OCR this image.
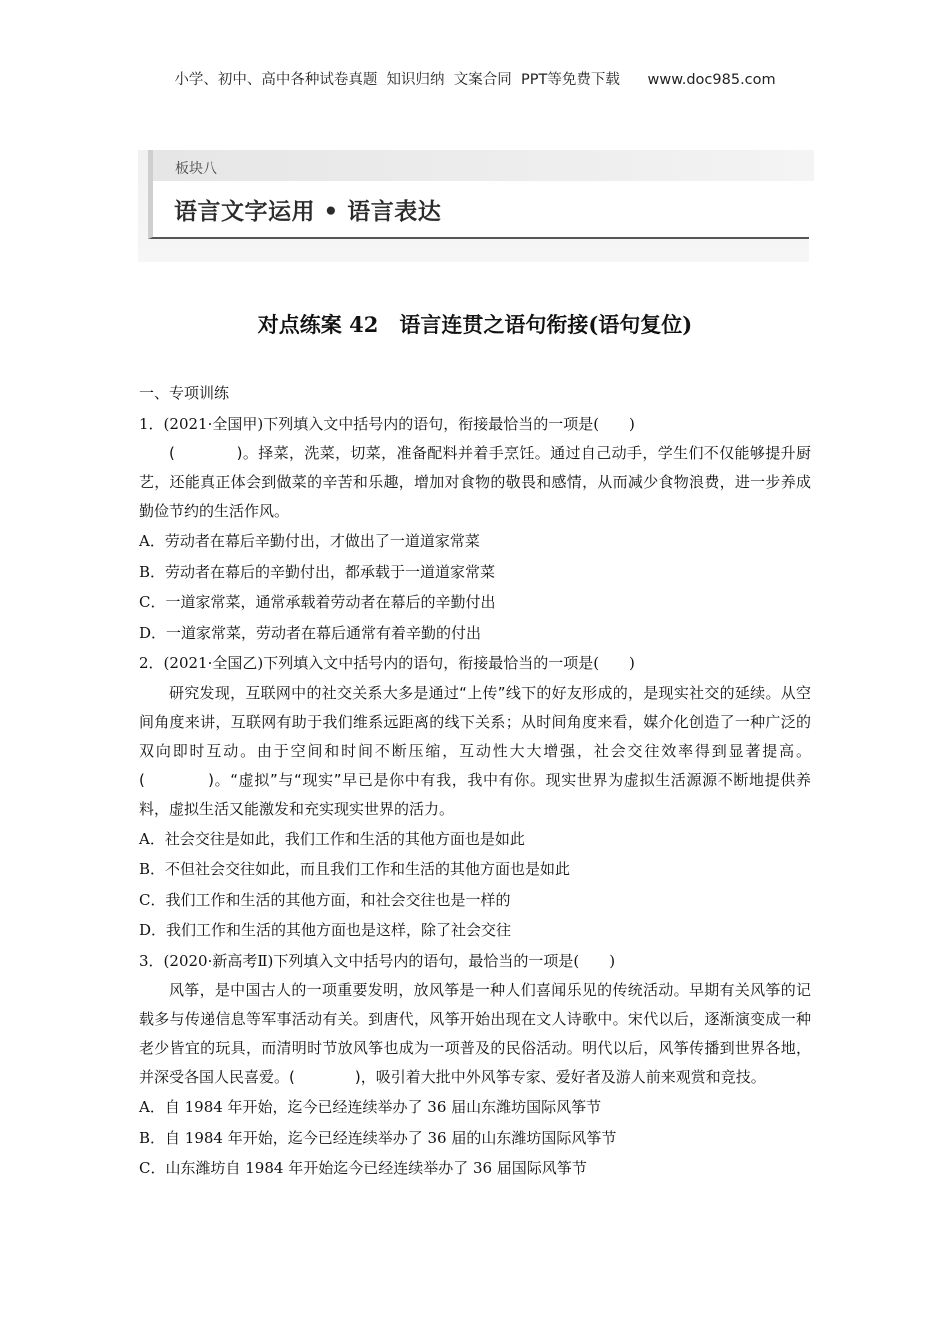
小学、初中、高中各种试卷真题  知识归纳  文案合同  PPT等免费下载      www.doc985.com
板块八
语言文字运用 • 语言表达
对点练案 42　语言连贯之语句衔接(语句复位)
一、专项训练
1．(2021·全国甲)下列填入文中括号内的语句，衔接最恰当的一项是(　　)

(　　　　)。择菜，洗菜，切菜，准备配料并着手烹饪。通过自己动手，学生们不仅能够提升厨艺，还能真正体会到做菜的辛苦和乐趣，增加对食物的敬畏和感情，从而减少食物浪费，进一步养成勤俭节约的生活作风。

A．劳动者在幕后辛勤付出，才做出了一道道家常菜
B．劳动者在幕后的辛勤付出，都承载于一道道家常菜
C．一道家常菜，通常承载着劳动者在幕后的辛勤付出
D．一道家常菜，劳动者在幕后通常有着辛勤的付出
2．(2021·全国乙)下列填入文中括号内的语句，衔接最恰当的一项是(　　)

研究发现，互联网中的社交关系大多是通过“上传”线下的好友形成的，是现实社交的延续。从空间角度来讲，互联网有助于我们维系远距离的线下关系；从时间角度来看，媒介化创造了一种广泛的双向即时互动。由于空间和时间不断压缩，互动性大大增强，社会交往效率得到显著提高。(　　　　)。“虚拟”与“现实”早已是你中有我，我中有你。现实世界为虚拟生活源源不断地提供养料，虚拟生活又能激发和充实现实世界的活力。

A．社会交往是如此，我们工作和生活的其他方面也是如此
B．不但社会交往如此，而且我们工作和生活的其他方面也是如此
C．我们工作和生活的其他方面，和社会交往也是一样的
D．我们工作和生活的其他方面也是这样，除了社会交往
3．(2020·新高考Ⅱ)下列填入文中括号内的语句，最恰当的一项是(　　)

风筝，是中国古人的一项重要发明，放风筝是一种人们喜闻乐见的传统活动。早期有关风筝的记载多与传递信息等军事活动有关。到唐代，风筝开始出现在文人诗歌中。宋代以后，逐渐演变成一种老少皆宜的玩具，而清明时节放风筝也成为一项普及的民俗活动。明代以后，风筝传播到世界各地，并深受各国人民喜爱。(　　　　)，吸引着大批中外风筝专家、爱好者及游人前来观赏和竞技。

A．自 1984 年开始，迄今已经连续举办了 36 届山东潍坊国际风筝节
B．自 1984 年开始，迄今已经连续举办了 36 届的山东潍坊国际风筝节
C．山东潍坊自 1984 年开始迄今已经连续举办了 36 届国际风筝节
